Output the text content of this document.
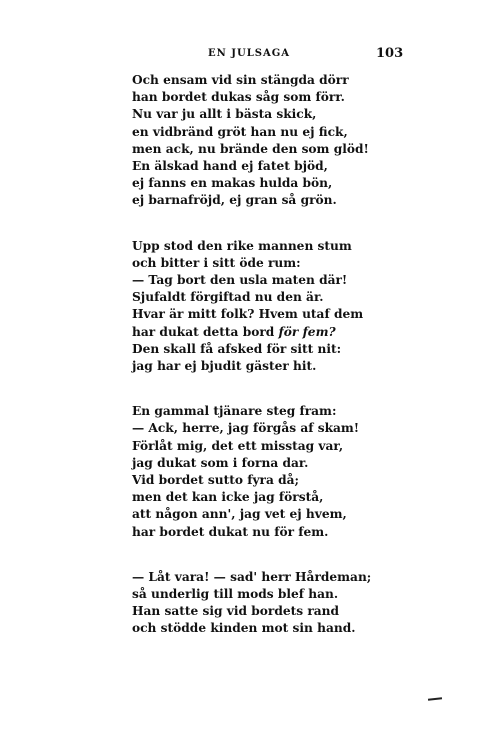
EN JULSAGA	103
Och ensam vid sin stängda dörr
han bordet dukas såg som förr.
Nu var ju allt i bästa skick,
en vidbränd gröt han nu ej fick,
men ack, nu brände den som glöd!
En älskad hand ej fatet bjöd,
ej fanns en makas hulda bön,
ej barnafröjd, ej gran så grön.
Upp stod den rike mannen stum
och bitter i sitt öde rum:
— Tag bort den usla maten där!
Sjufaldt förgiftad nu den är.
Hvar är mitt folk? Hvem utaf dem
har dukat detta bord för fem?
Den skall få afsked för sitt nit:
jag har ej bjudit gäster hit.
En gammal tjänare steg fram:
— Ack, herre, jag förgås af skam!
Förlåt mig, det ett misstag var,
jag dukat som i forna dar.
Vid bordet sutto fyra då;
men det kan icke jag förstå,
att någon ann', jag vet ej hvem,
har bordet dukat nu för fem.
— Låt vara! — sad' herr Hårdeman;
så underlig till mods blef han.
Han satte sig vid bordets rand
och stödde kinden mot sin hand.
